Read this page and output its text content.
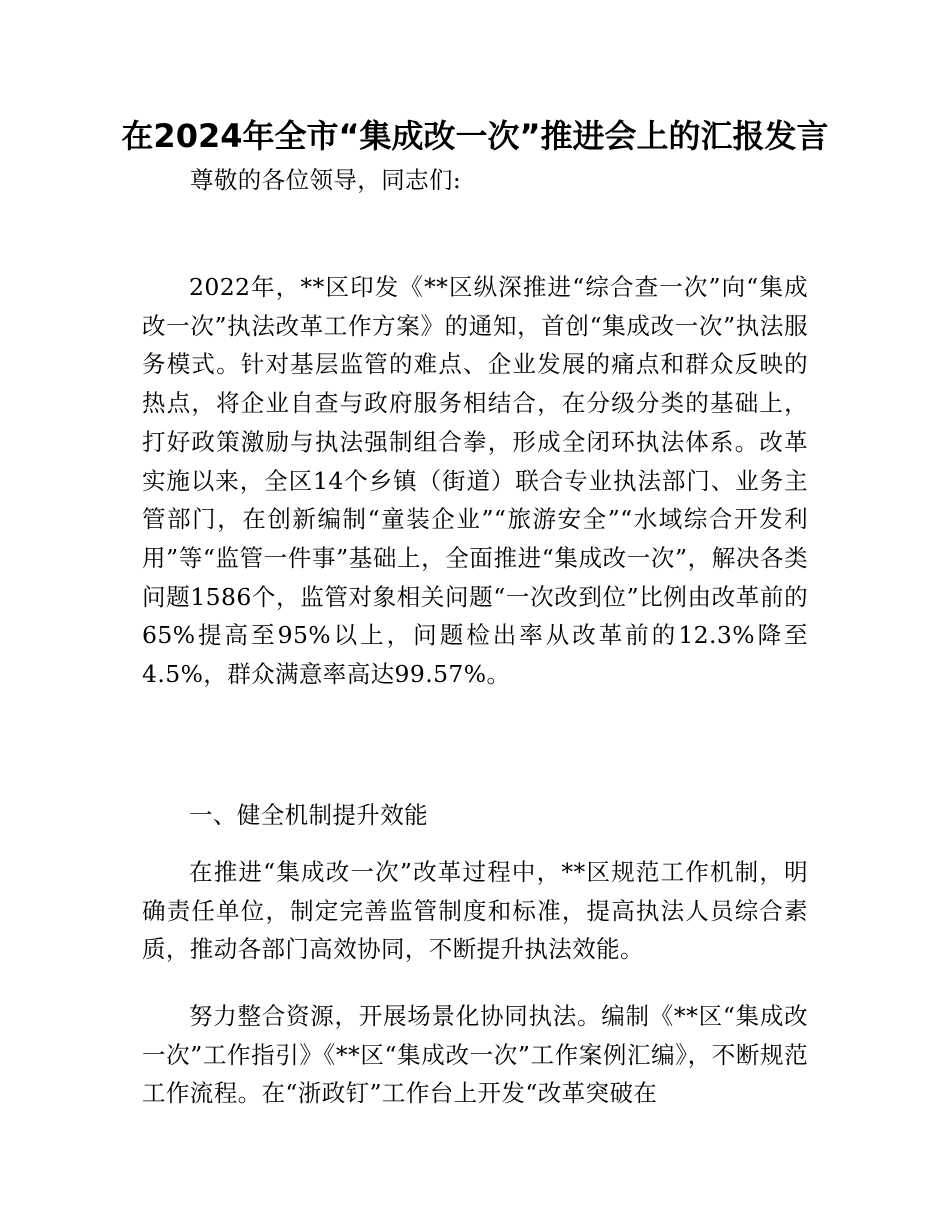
在2024年全市“集成改一次”推进会上的汇报发言

尊敬的各位领导，同志们:

2022年，**区印发《**区纵深推进“综合查一次”向“集成改一次”执法改革工作方案》的通知，首创“集成改一次”执法服务模式。针对基层监管的难点、企业发展的痛点和群众反映的热点，将企业自查与政府服务相结合，在分级分类的基础上，打好政策激励与执法强制组合拳，形成全闭环执法体系。改革实施以来，全区14个乡镇（街道）联合专业执法部门、业务主管部门，在创新编制“童装企业”“旅游安全”“水域综合开发利用”等“监管一件事”基础上，全面推进“集成改一次”，解决各类问题1586个，监管对象相关问题“一次改到位”比例由改革前的65%提高至95%以上，问题检出率从改革前的12.3%降至4.5%，群众满意率高达99.57%。

一、健全机制提升效能

在推进“集成改一次”改革过程中，**区规范工作机制，明确责任单位，制定完善监管制度和标准，提高执法人员综合素质，推动各部门高效协同，不断提升执法效能。

努力整合资源，开展场景化协同执法。编制《**区“集成改一次”工作指引》《**区“集成改一次”工作案例汇编》，不断规范工作流程。在“浙政钉”工作台上开发“改革突破在
